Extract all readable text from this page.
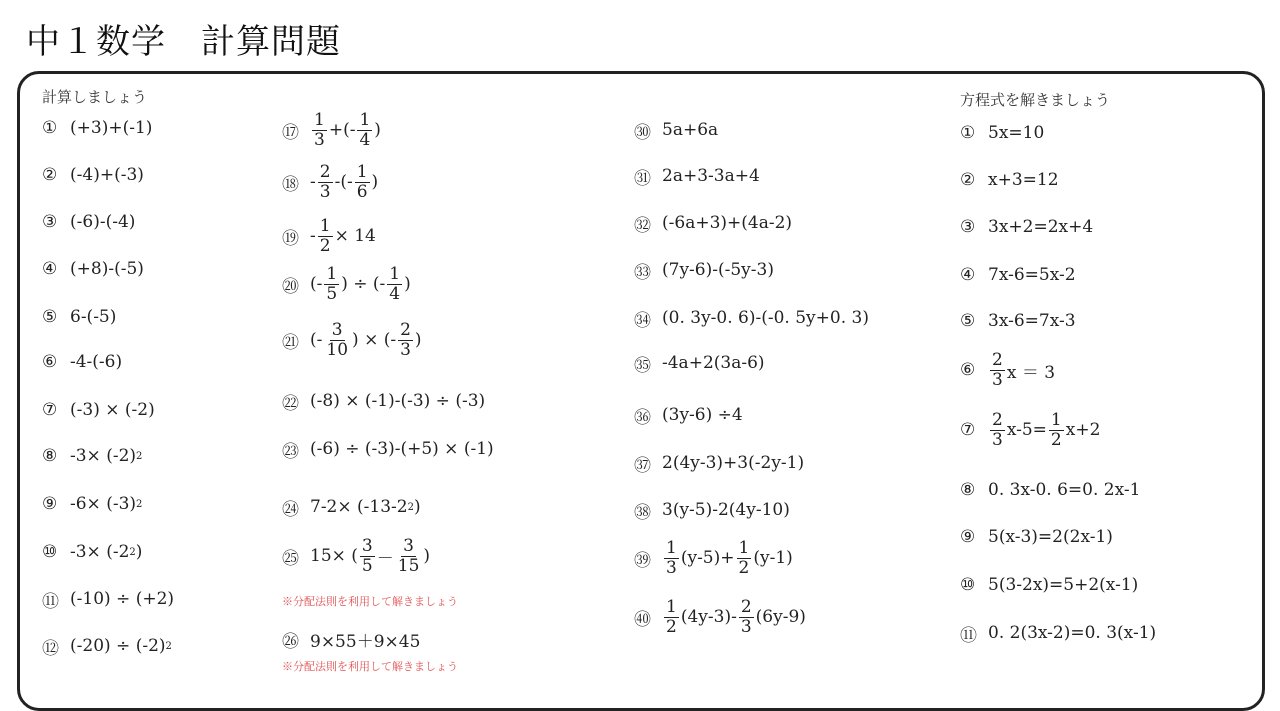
中１数学　計算問題
計算しましょう
① (+3)+(-1)
② (-4)+(-3)
③ (-6)-(-4)
④ (+8)-(-5)
⑤ 6-(-5)
⑥ -4-(-6)
⑦ (-3) × (-2)
⑧ -3× (-2) 2
⑨ -6× (-3) 2
⑩ -3× (-2 2 )
⑪ (-10) ÷ (+2)
⑫ (-20) ÷ (-2) 2
⑰ $\frac{1}{3}$ +(- $\frac{1}{4}$ )
⑱ - $\frac{2}{3}$ -(- $\frac{1}{6}$ )
⑲ - $\frac{1}{2} \times 14$
⑳ (- $\frac{1}{5}$ ) ÷ (- $\frac{1}{4}$ )
㉑ (- $\frac{3}{10}$ ) × (- $\frac{2}{3}$ )
㉒ (-8) × (-1)-(-3) ÷ (-3)
㉓ (-6) ÷ (-3)-(+5) × (-1)
㉔ 7-2× (-13-2 2 )
㉕ 15× ( $\frac{3}{5} - \frac{3}{15}$ )
※分配法則を利用して解きましょう
㉖ 9×55＋9×45
※分配法則を利用して解きましょう
㉚ 5a+6a
㉛ 2a+3-3a+4
㉜ (-6a+3)+(4a-2)
㉝ (7y-6)-(-5y-3)
㉞ (0. 3y-0. 6)-(-0. 5y+0. 3)
㉟ -4a+2(3a-6)
㊱ (3y-6) ÷4
㊲ 2(4y-3)+3(-2y-1)
㊳ 3(y-5)-2(4y-10)
㊴ $\frac{1}{3} (y-5)+ \frac{1}{2} (y-1)$
㊵ $\frac{1}{2} (4y-3)- \frac{2}{3} (6y-9)$
方程式を解きましょう
① 5x=10
② x+3=12
③ 3x+2=2x+4
④ 7x-6=5x-2
⑤ 3x-6=7x-3
⑥ $\frac{2}{3}$ x ＝ 3
⑦ $\frac{2}{3} x-5= \frac{1}{2} x+2$
⑧ 0. 3x-0. 6=0. 2x-1
⑨ 5(x-3)=2(2x-1)
⑩ 5(3-2x)=5+2(x-1)
⑪ 0. 2(3x-2)=0. 3(x-1)
